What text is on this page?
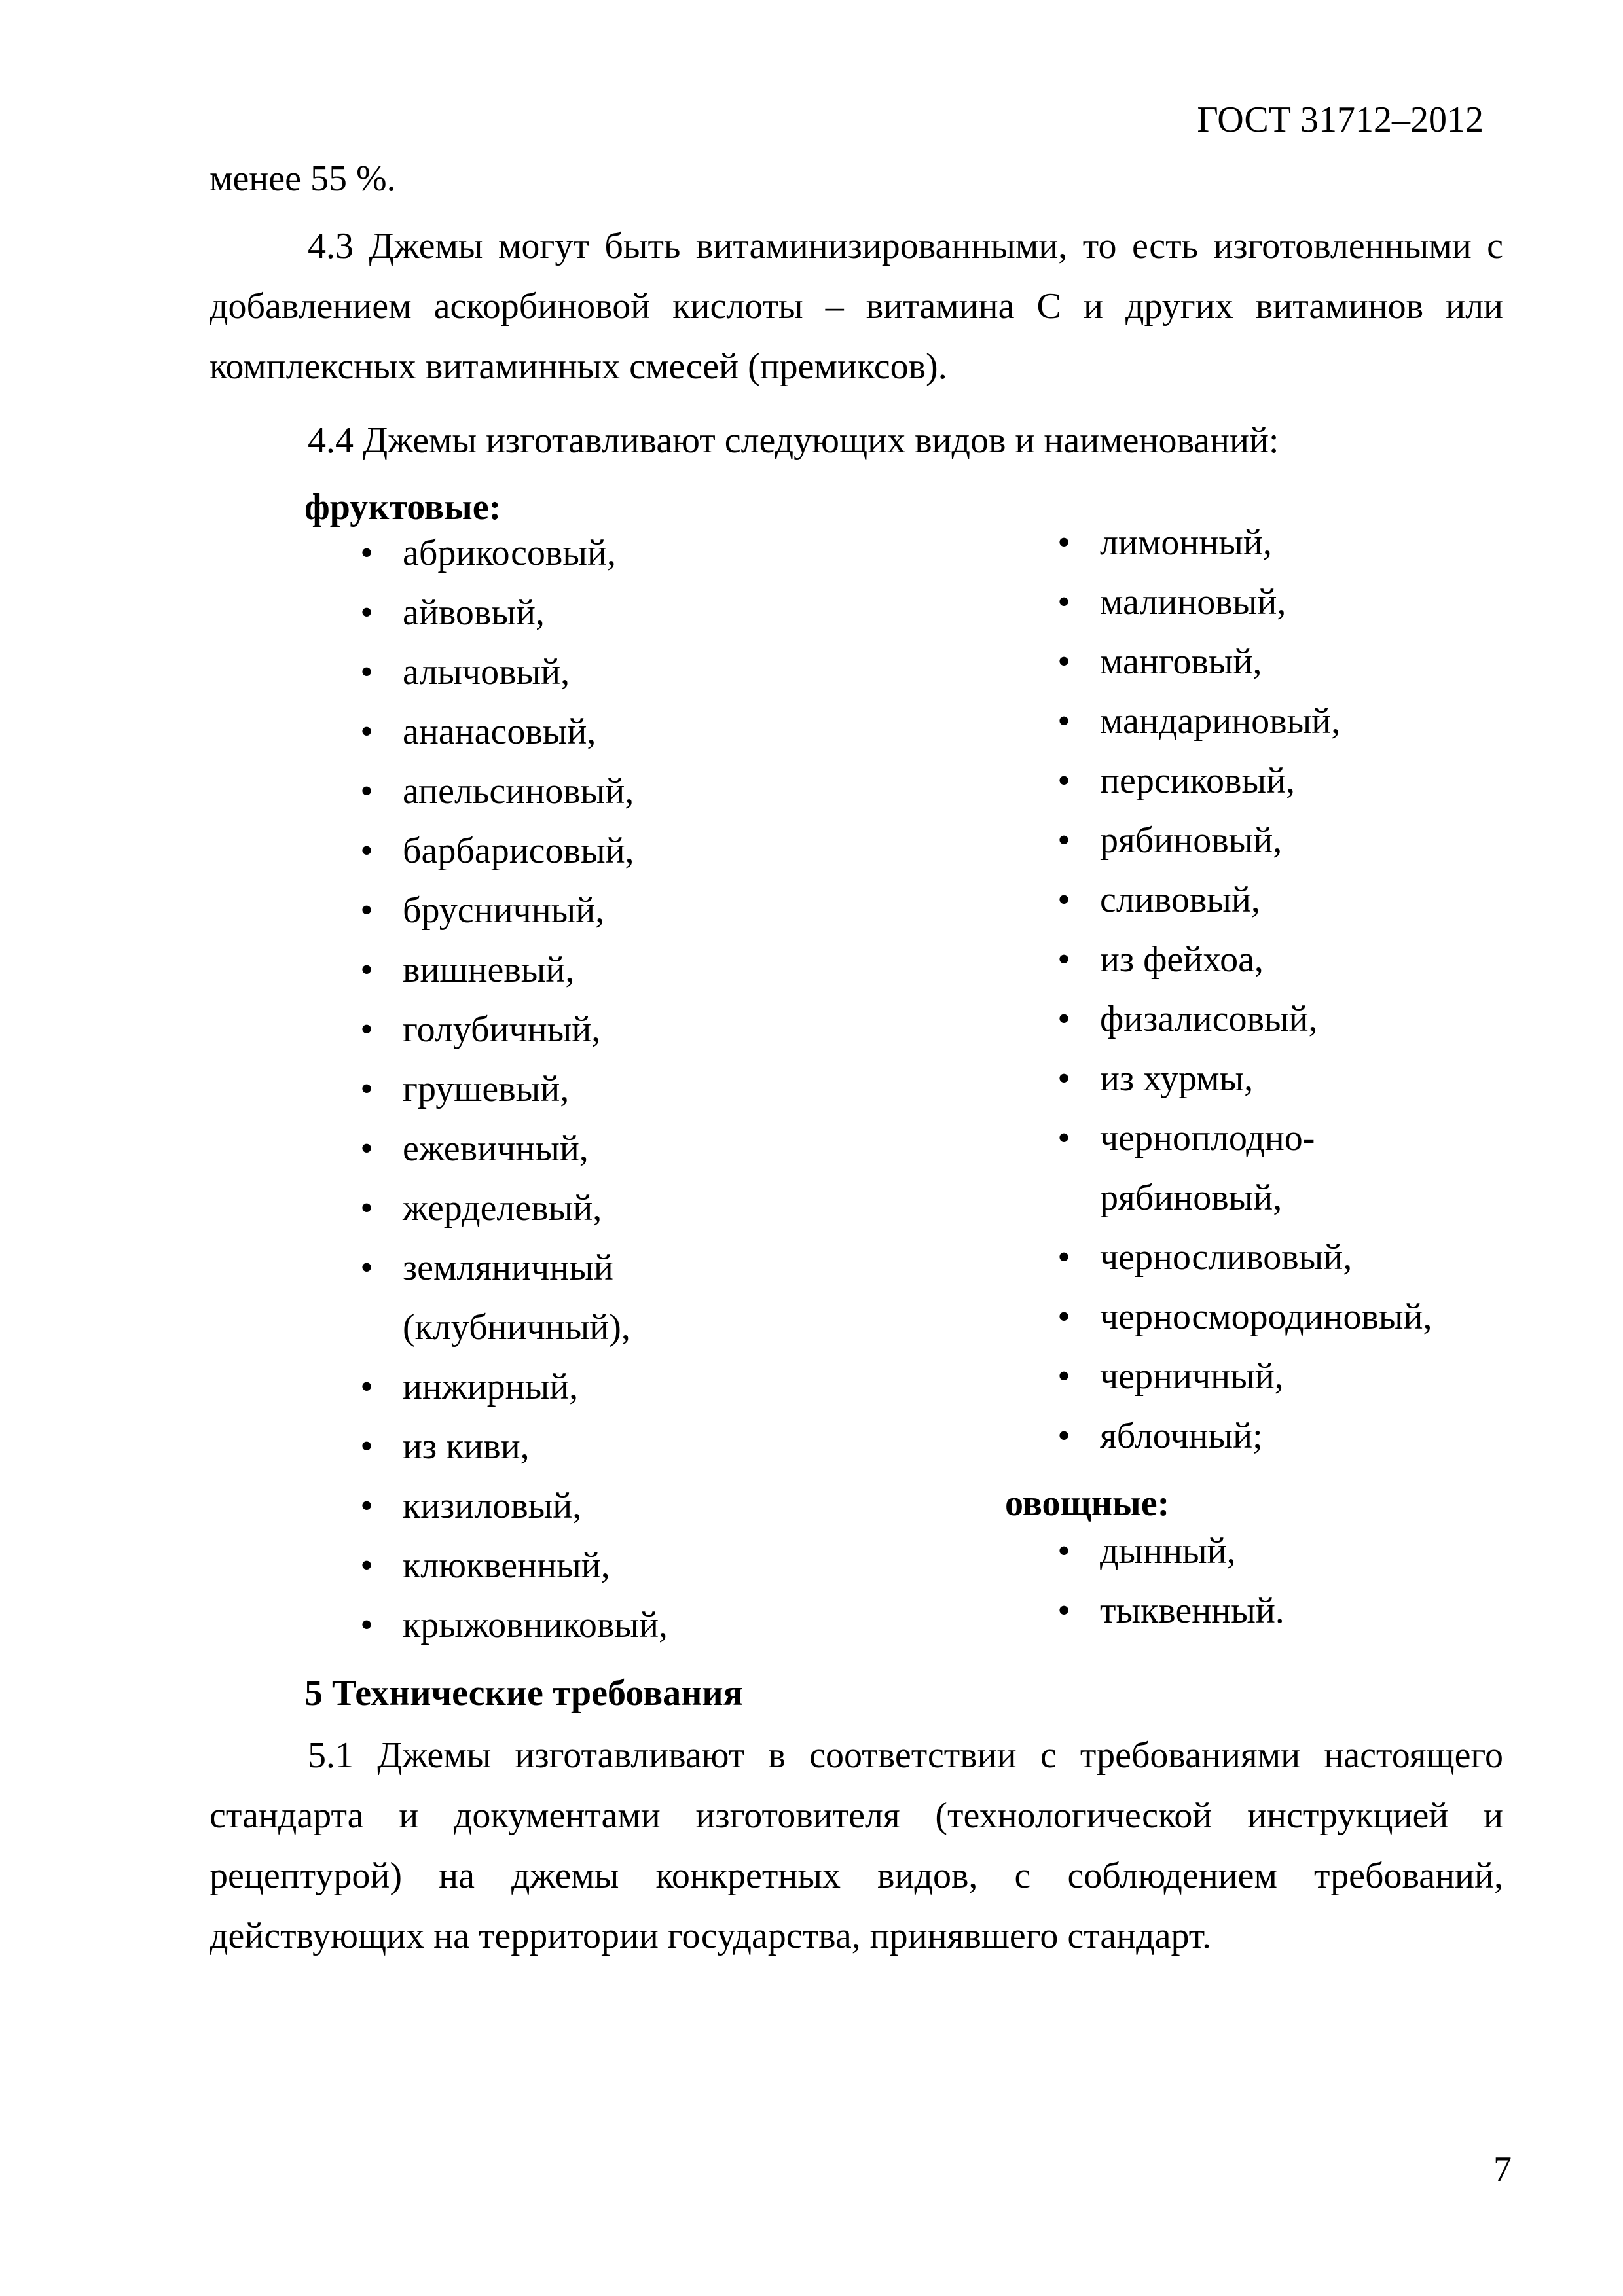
ГОСТ 31712–2012
менее 55 %.
4.3 Джемы могут быть витаминизированными, то есть изготовленными с добавлением аскорбиновой кислоты – витамина С и других витаминов или комплексных витаминных смесей (премиксов).
4.4 Джемы изготавливают следующих видов и наименований:
фруктовые:
• абрикосовый,
• айвовый,
• алычовый,
• ананасовый,
• апельсиновый,
• барбарисовый,
• брусничный,
• вишневый,
• голубичный,
• грушевый,
• ежевичный,
• жерделевый,
• земляничный (клубничный),
• инжирный,
• из киви,
• кизиловый,
• клюквенный,
• крыжовниковый,
• лимонный,
• малиновый,
• манговый,
• мандариновый,
• персиковый,
• рябиновый,
• сливовый,
• из фейхоа,
• физалисовый,
• из хурмы,
• черноплодно-рябиновый,
• черносливовый,
• черносмородиновый,
• черничный,
• яблочный;
овощные:
• дынный,
• тыквенный.
5 Технические требования
5.1 Джемы изготавливают в соответствии с требованиями настоящего стандарта и документами изготовителя (технологической инструкцией и рецептурой) на джемы конкретных видов, с соблюдением требований, действующих на территории государства, принявшего стандарт.
7
